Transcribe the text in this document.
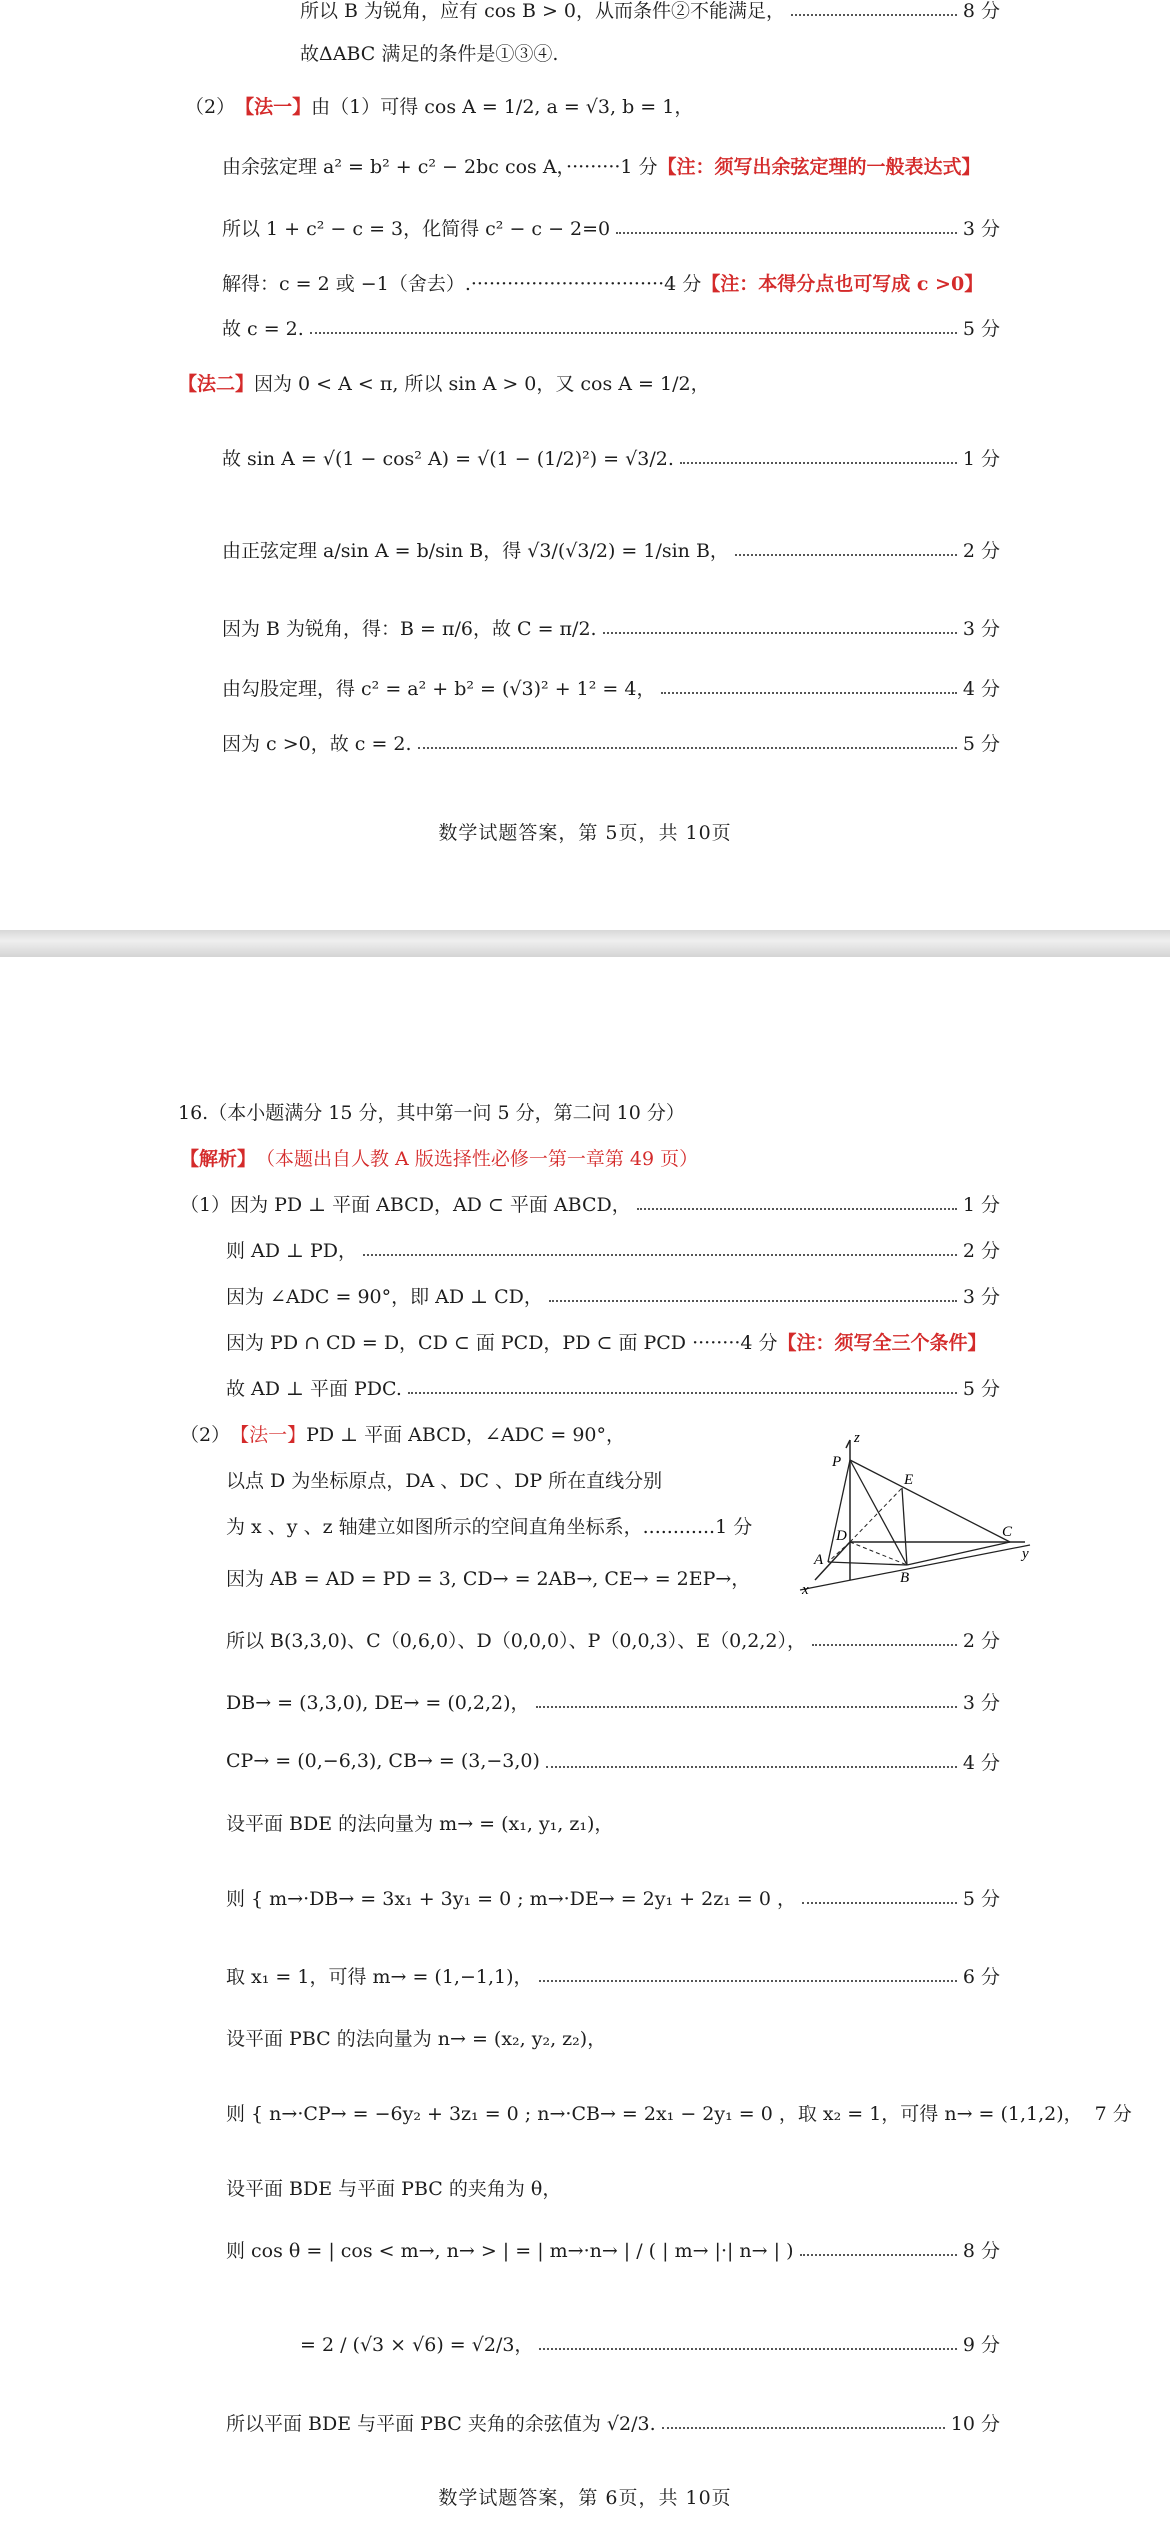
所以 B 为锐角，应有 cos B > 0，从而条件②不能满足，	8 分
故ΔABC 满足的条件是①③④.
（2） 【法一】 由（1）可得 cos A = 1/2, a = √3, b = 1，
由余弦定理 a² = b² + c² − 2bc cos A，·········1 分 【注：须写出余弦定理的一般表达式】
所以 1 + c² − c = 3，化简得 c² − c − 2=0	3 分
解得：c = 2 或 −1（舍去）.································4 分 【注：本得分点也可写成 c >0】
故 c = 2.	5 分
【法二】 因为 0 < A < π, 所以 sin A > 0，又 cos A = 1/2，
故 sin A = √(1 − cos² A) = √(1 − (1/2)²) = √3/2.	1 分
由正弦定理 a/sin A = b/sin B，得 √3/(√3/2) = 1/sin B，	2 分
因为 B 为锐角，得：B = π/6，故 C = π/2.	3 分
由勾股定理，得 c² = a² + b² = (√3)² + 1² = 4，	4 分
因为 c >0，故 c = 2.	5 分
数学试题答案，第 5页，共 10页
16.（本小题满分 15 分，其中第一问 5 分，第二问 10 分）
【解析】 （本题出自人教 A 版选择性必修一第一章第 49 页）
（1）因为 PD ⊥ 平面 ABCD，AD ⊂ 平面 ABCD，	1 分
则 AD ⊥ PD，	2 分
因为 ∠ADC = 90°，即 AD ⊥ CD，	3 分
因为 PD ∩ CD = D，CD ⊂ 面 PCD，PD ⊂ 面 PCD ········4 分 【注：须写全三个条件】
故 AD ⊥ 平面 PDC.	5 分
（2） 【法一】 PD ⊥ 平面 ABCD，∠ADC = 90°，
以点 D 为坐标原点，DA 、DC 、DP 所在直线分别
为 x 、y 、z 轴建立如图所示的空间直角坐标系，............1 分
因为 AB = AD = PD = 3, CD→ = 2AB→, CE→ = 2EP→，
z
P
E
D	C
y
A
B
x
所以 B(3,3,0)、C（0,6,0）、D（0,0,0）、P（0,0,3）、E（0,2,2），	2 分
DB→ = (3,3,0), DE→ = (0,2,2)，	3 分
CP→ = (0,−6,3), CB→ = (3,−3,0)	4 分
设平面 BDE 的法向量为 m→ = (x₁, y₁, z₁)，
则 { m→·DB→ = 3x₁ + 3y₁ = 0 ; m→·DE→ = 2y₁ + 2z₁ = 0 ，	5 分
取 x₁ = 1，可得 m→ = (1,−1,1)，	6 分
设平面 PBC 的法向量为 n→ = (x₂, y₂, z₂)，
则 { n→·CP→ = −6y₂ + 3z₁ = 0 ; n→·CB→ = 2x₁ − 2y₁ = 0 ，取 x₂ = 1，可得 n→ = (1,1,2)， 7 分
设平面 BDE 与平面 PBC 的夹角为 θ，
则 cos θ = | cos < m→, n→ > | = | m→·n→ | / ( | m→ |·| n→ | )	8 分
= 2 / (√3 × √6) = √2/3，	9 分
所以平面 BDE 与平面 PBC 夹角的余弦值为 √2/3.	10 分
数学试题答案，第 6页，共 10页
